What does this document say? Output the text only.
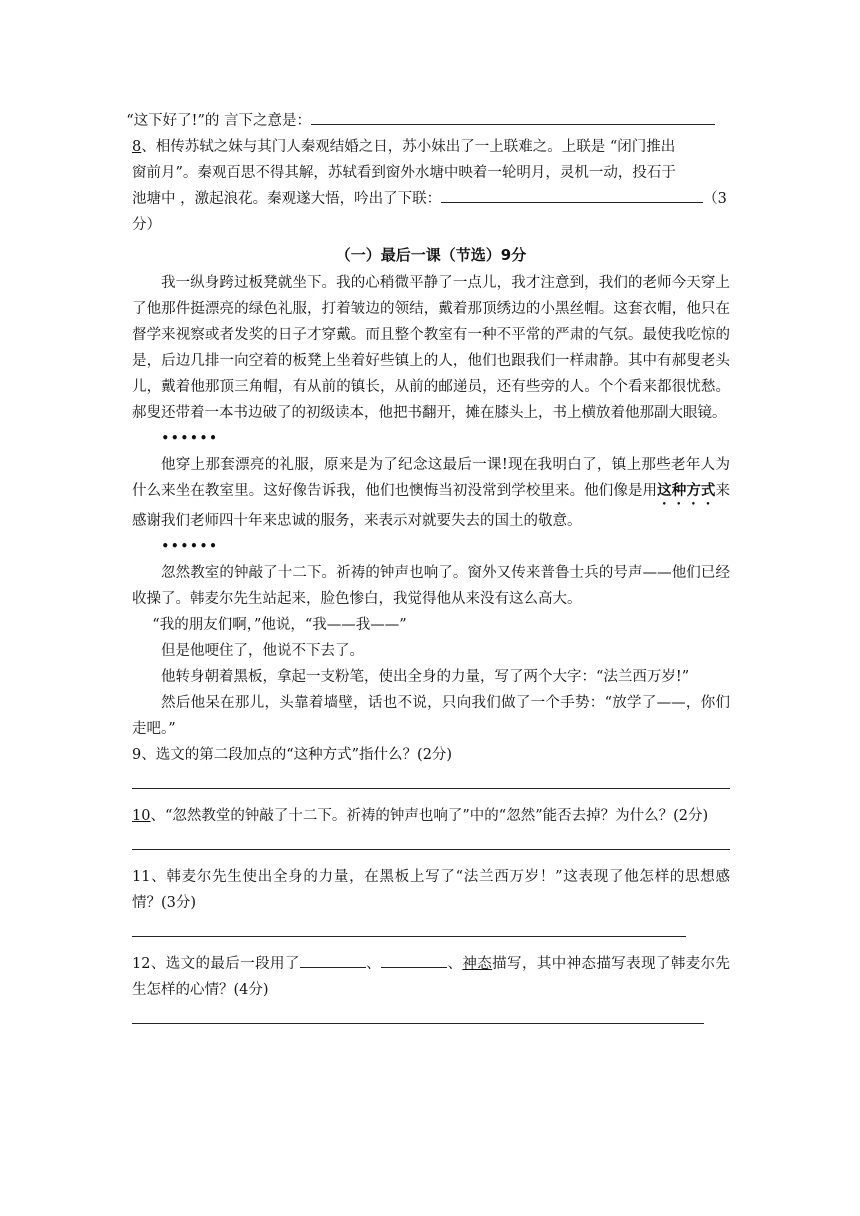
“这下好了!”的 言下之意是：

8、相传苏轼之妹与其门人秦观结婚之日，苏小妹出了一上联难之。上联是 “闭门推出

窗前月”。秦观百思不得其解，苏轼看到窗外水塘中映着一轮明月，灵机一动，投石于

池塘中 ，激起浪花。秦观遂大悟，吟出了下联：	（3

分）

（一）最后一课（节选）9分

我一纵身跨过板凳就坐下。我的心稍微平静了一点儿，我才注意到，我们的老师今天穿上了他那件挺漂亮的绿色礼服，打着皱边的领结，戴着那顶绣边的小黑丝帽。这套衣帽，他只在督学来视察或者发奖的日子才穿戴。而且整个教室有一种不平常的严肃的气氛。最使我吃惊的是，后边几排一向空着的板凳上坐着好些镇上的人，他们也跟我们一样肃静。其中有郝叟老头儿，戴着他那顶三角帽，有从前的镇长，从前的邮递员，还有些旁的人。个个看来都很忧愁。郝叟还带着一本书边破了的初级读本，他把书翻开，摊在膝头上，书上横放着他那副大眼镜。

••••••

他穿上那套漂亮的礼服，原来是为了纪念这最后一课!现在我明白了，镇上那些老年人为什么来坐在教室里。这好像告诉我，他们也懊悔当初没常到学校里来。他们像是用这种方式来感谢我们老师四十年来忠诚的服务，来表示对就要失去的国土的敬意。

••••••

忽然教室的钟敲了十二下。祈祷的钟声也响了。窗外又传来普鲁士兵的号声——他们已经收操了。韩麦尔先生站起来，脸色惨白，我觉得他从来没有这么高大。

“我的朋友们啊，”他说，“我——我——”

但是他哽住了，他说不下去了。

他转身朝着黑板，拿起一支粉笔，使出全身的力量，写了两个大字：“法兰西万岁!”

然后他呆在那儿，头靠着墙壁，话也不说，只向我们做了一个手势：“放学了——，你们走吧。”

9、选文的第二段加点的“这种方式”指什么？(2分)

10、“忽然教堂的钟敲了十二下。祈祷的钟声也响了”中的“忽然”能否去掉？为什么？(2分)

11、韩麦尔先生使出全身的力量，在黑板上写了“法兰西万岁！”这表现了他怎样的思想感情？(3分)

12、选文的最后一段用了	、	、神态描写，其中神态描写表现了韩麦尔先生怎样的心情？(4分)
